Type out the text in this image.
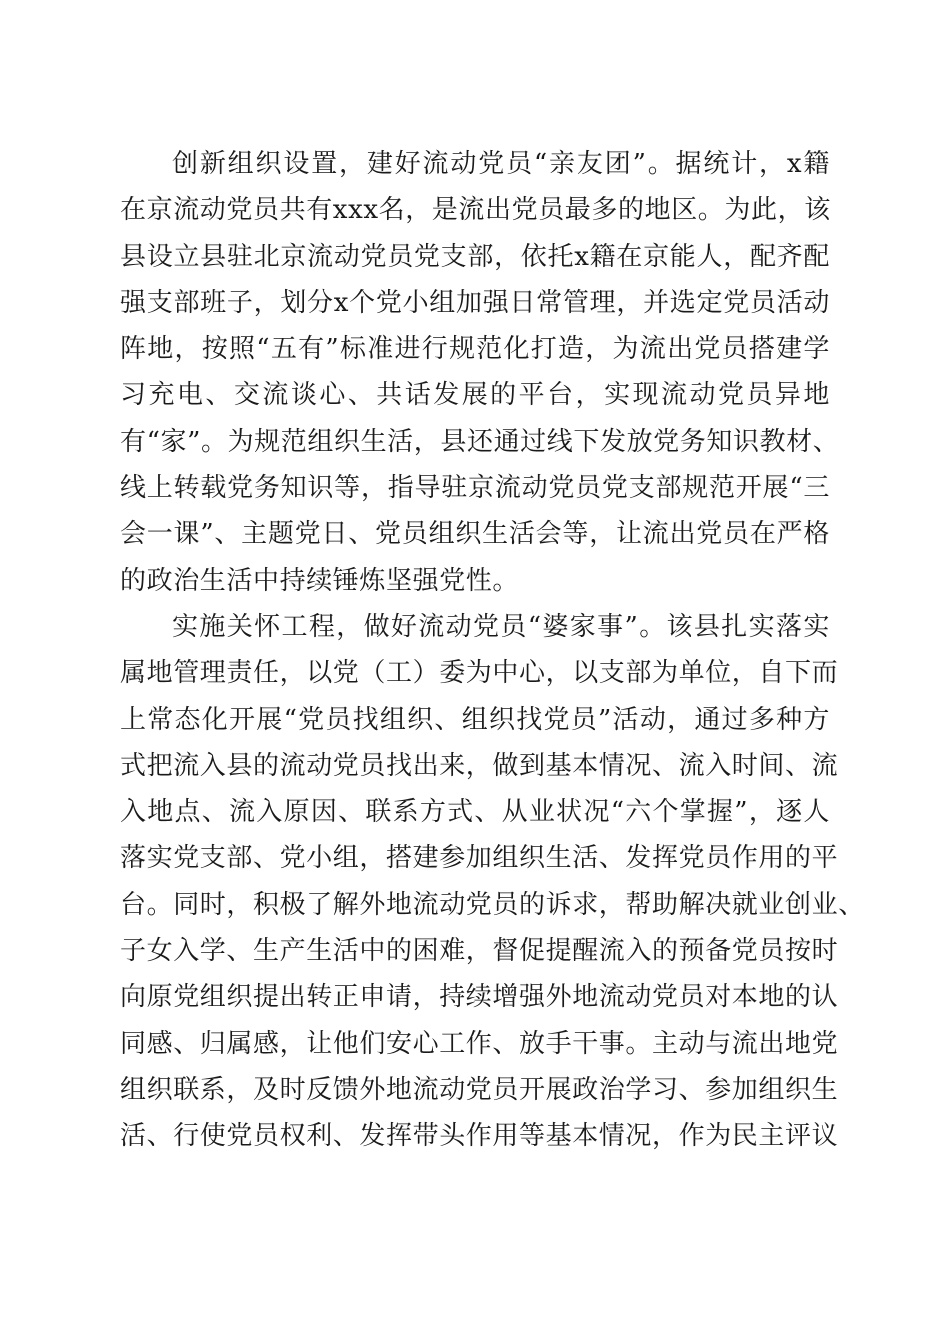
创新组织设置，建好流动党员“亲友团”。据统计，x籍
在京流动党员共有xxx名，是流出党员最多的地区。为此，该
县设立县驻北京流动党员党支部，依托x籍在京能人，配齐配
强支部班子，划分x个党小组加强日常管理，并选定党员活动
阵地，按照“五有”标准进行规范化打造，为流出党员搭建学
习充电、交流谈心、共话发展的平台，实现流动党员异地
有“家”。为规范组织生活，县还通过线下发放党务知识教材、
线上转载党务知识等，指导驻京流动党员党支部规范开展“三
会一课”、主题党日、党员组织生活会等，让流出党员在严格
的政治生活中持续锤炼坚强党性。
实施关怀工程，做好流动党员“婆家事”。该县扎实落实
属地管理责任，以党（工）委为中心，以支部为单位，自下而
上常态化开展“党员找组织、组织找党员”活动，通过多种方
式把流入县的流动党员找出来，做到基本情况、流入时间、流
入地点、流入原因、联系方式、从业状况“六个掌握”，逐人
落实党支部、党小组，搭建参加组织生活、发挥党员作用的平
台。同时，积极了解外地流动党员的诉求，帮助解决就业创业、
子女入学、生产生活中的困难，督促提醒流入的预备党员按时
向原党组织提出转正申请，持续增强外地流动党员对本地的认
同感、归属感，让他们安心工作、放手干事。主动与流出地党
组织联系，及时反馈外地流动党员开展政治学习、参加组织生
活、行使党员权利、发挥带头作用等基本情况，作为民主评议
